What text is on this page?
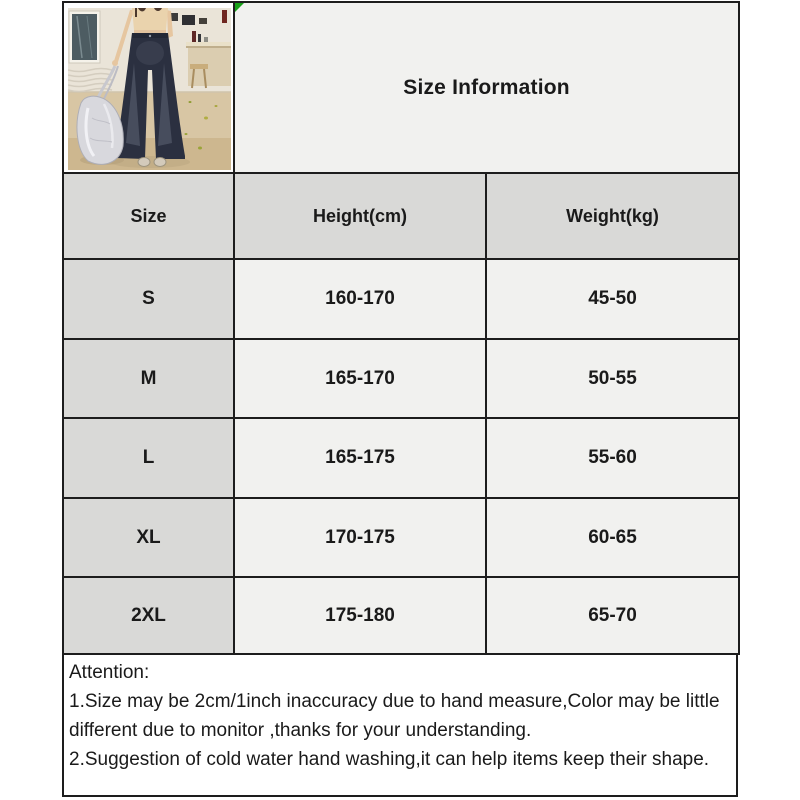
Size Information	
Size	Height(cm)	Weight(kg)
S	160-170	45-50
M	165-170	50-55
L	165-175	55-60
XL	170-175	60-65
2XL	175-180	65-70
Attention:
1.Size may be 2cm/1inch inaccuracy due to hand measure,Color may be little different due to monitor ,thanks for your understanding.
2.Suggestion of cold water hand washing,it can help items keep their shape.
